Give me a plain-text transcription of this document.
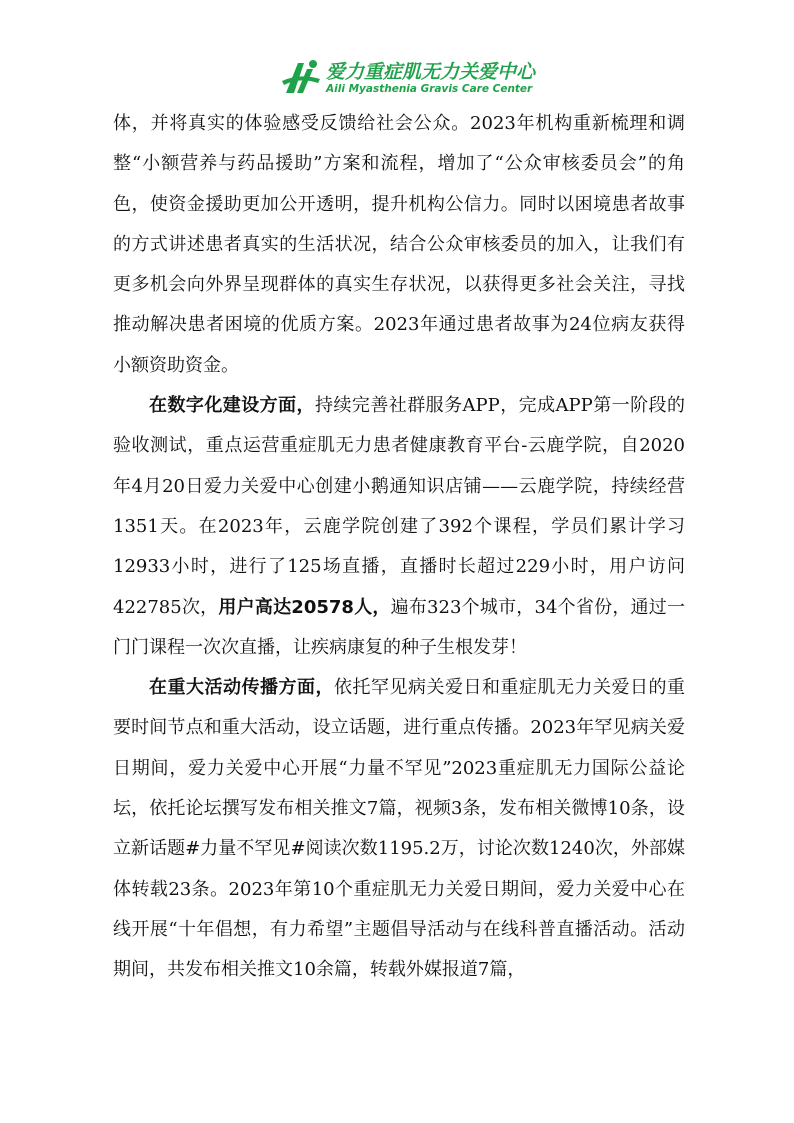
爱力重症肌无力关爱中心
Aili Myasthenia Gravis Care Center

体，并将真实的体验感受反馈给社会公众。2023年机构重新梳理和调整“小额营养与药品援助”方案和流程，增加了“公众审核委员会”的角色，使资金援助更加公开透明，提升机构公信力。同时以困境患者故事的方式讲述患者真实的生活状况，结合公众审核委员的加入，让我们有更多机会向外界呈现群体的真实生存状况，以获得更多社会关注，寻找推动解决患者困境的优质方案。2023年通过患者故事为24位病友获得小额资助资金。

在数字化建设方面，持续完善社群服务APP，完成APP第一阶段的验收测试，重点运营重症肌无力患者健康教育平台-云鹿学院，自2020年4月20日爱力关爱中心创建小鹅通知识店铺——云鹿学院，持续经营1351天。在2023年，云鹿学院创建了392个课程，学员们累计学习12933小时，进行了125场直播，直播时长超过229小时，用户访问422785次，用户高达20578人，遍布323个城市，34个省份，通过一门门课程一次次直播，让疾病康复的种子生根发芽！

在重大活动传播方面，依托罕见病关爱日和重症肌无力关爱日的重要时间节点和重大活动，设立话题，进行重点传播。2023年罕见病关爱日期间，爱力关爱中心开展“力量不罕见”2023重症肌无力国际公益论坛，依托论坛撰写发布相关推文7篇，视频3条，发布相关微博10条，设立新话题#力量不罕见#阅读次数1195.2万，讨论次数1240次，外部媒体转载23条。2023年第10个重症肌无力关爱日期间，爱力关爱中心在线开展“十年倡想，有力希望”主题倡导活动与在线科普直播活动。活动期间，共发布相关推文10余篇，转载外媒报道7篇，
